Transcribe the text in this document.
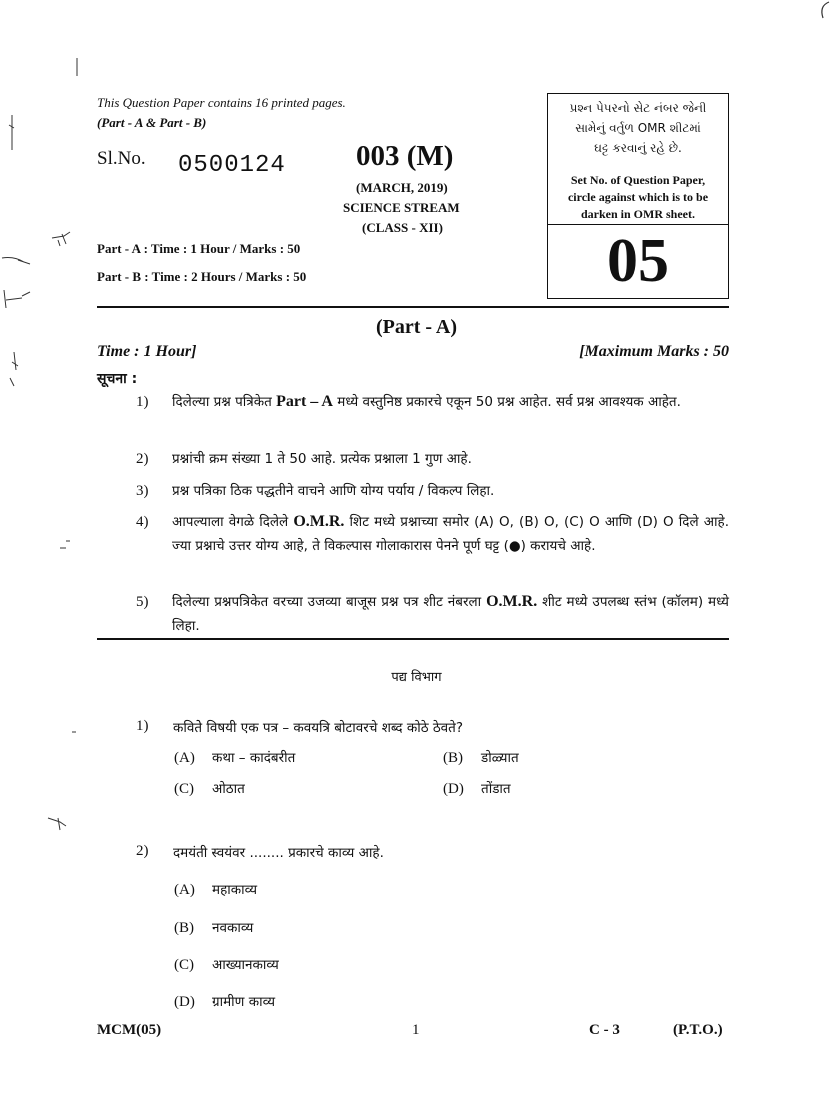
This Question Paper contains 16 printed pages.
(Part - A & Part - B)
Sl.No. 0500124 003 (M)
(MARCH, 2019)
SCIENCE STREAM
(CLASS - XII)
Part - A : Time : 1 Hour / Marks : 50
Part - B : Time : 2 Hours / Marks : 50
પ્રશ્ન પેપરનો સેટ નંબર જેની
સામેનું વર્તુળ OMR શીટમાં
ઘટ્ટ કરવાનું રહે છે.
Set No. of Question Paper,
circle against which is to be
darken in OMR sheet.
05
(Part - A)
Time : 1 Hour]	[Maximum Marks : 50
सूचना :
1) दिलेल्या प्रश्न पत्रिकेत Part – A मध्ये वस्तुनिष्ठ प्रकारचे एकून 50 प्रश्न आहेत. सर्व प्रश्न आवश्यक आहेत.
2) प्रश्नांची क्रम संख्या 1 ते 50 आहे. प्रत्येक प्रश्नाला 1 गुण आहे.
3) प्रश्न पत्रिका ठिक पद्धतीने वाचने आणि योग्य पर्याय / विकल्प लिहा.
4) आपल्याला वेगळे दिलेले O.M.R. शिट मध्ये प्रश्नाच्या समोर (A) O, (B) O, (C) O आणि (D) O दिले आहे. ज्या प्रश्नाचे उत्तर योग्य आहे, ते विकल्पास गोलाकारास पेनने पूर्ण घट्ट (●) करायचे आहे.
5) दिलेल्या प्रश्नपत्रिकेत वरच्या उजव्या बाजूस प्रश्न पत्र शीट नंबरला O.M.R. शीट मध्ये उपलब्ध स्तंभ (कॉलम) मध्ये लिहा.
पद्य विभाग
1) कवितेे विषयी एक पत्र – कवयत्रि बोटावरचे शब्द कोठे ठेवते?
(A) कथा – कादंबरीत	(B) डोळ्यात
(C) ओठात	(D) तोंडात
2) दमयंती स्वयंवर ........ प्रकारचे काव्य आहे.
(A) महाकाव्य
(B) नवकाव्य
(C) आख्यानकाव्य
(D) ग्रामीण काव्य
MCM(05)	1	C - 3	(P.T.O.)
